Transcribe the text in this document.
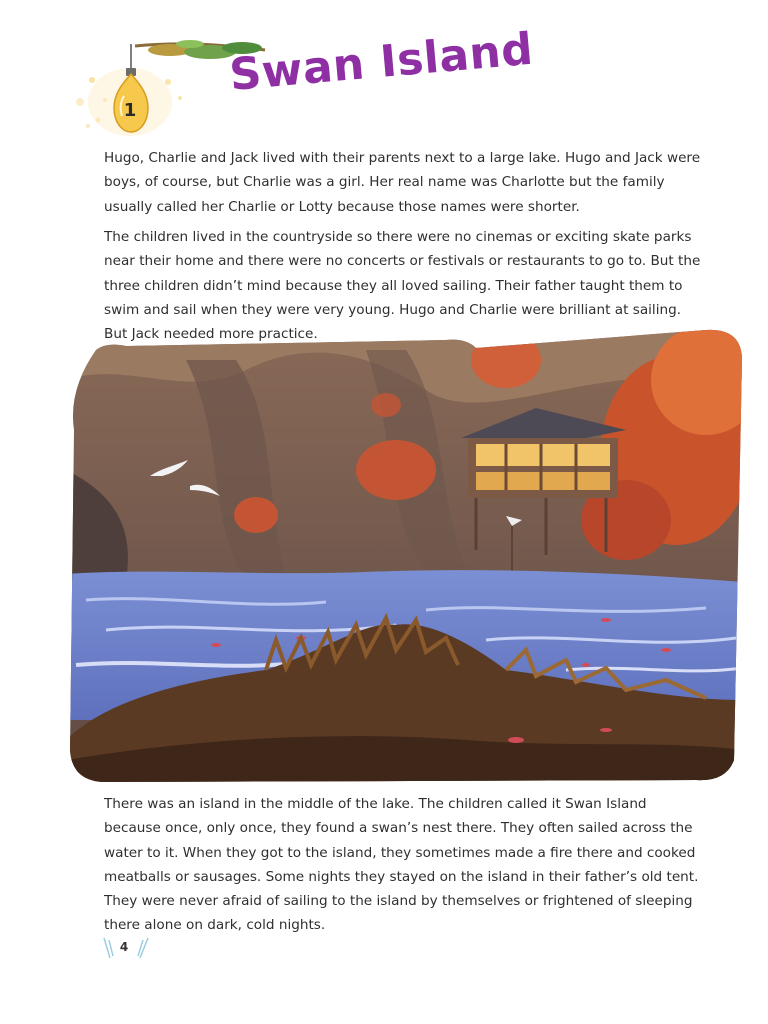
1
Swan Island

Hugo, Charlie and Jack lived with their parents next to a large lake. Hugo and Jack were boys, of course, but Charlie was a girl. Her real name was Charlotte but the family usually called her Charlie or Lotty because those names were shorter.

The children lived in the countryside so there were no cinemas or exciting skate parks near their home and there were no concerts or festivals or restaurants to go to. But the three children didn’t mind because they all loved sailing. Their father taught them to swim and sail when they were very young. Hugo and Charlie were brilliant at sailing. But Jack needed more practice.

There was an island in the middle of the lake. The children called it Swan Island because once, only once, they found a swan’s nest there. They often sailed across the water to it. When they got to the island, they sometimes made a fire there and cooked meatballs or sausages. Some nights they stayed on the island in their father’s old tent. They were never afraid of sailing to the island by themselves or frightened of sleeping there alone on dark, cold nights.

4
